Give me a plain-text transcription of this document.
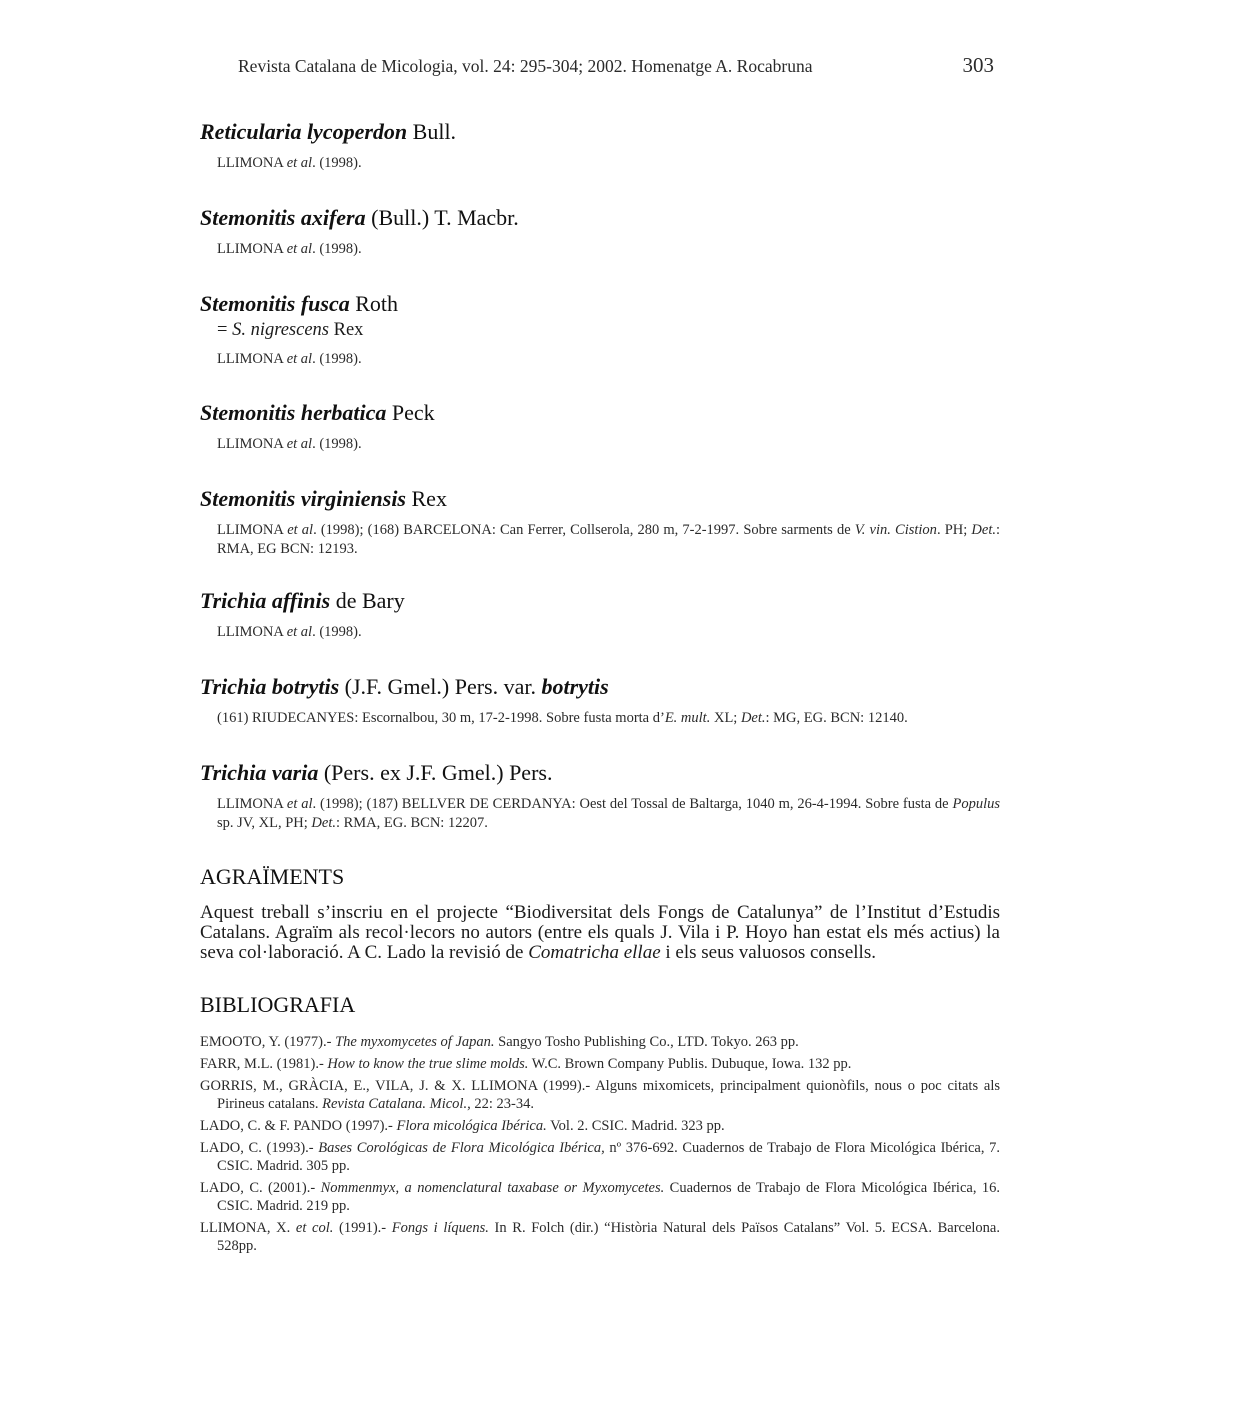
Revista Catalana de Micologia, vol. 24: 295-304; 2002. Homenatge A. Rocabruna	303
Reticularia lycoperdon Bull.

LLIMONA et al. (1998).

Stemonitis axifera (Bull.) T. Macbr.

LLIMONA et al. (1998).

Stemonitis fusca Roth

= S. nigrescens Rex

LLIMONA et al. (1998).

Stemonitis herbatica Peck

LLIMONA et al. (1998).

Stemonitis virginiensis Rex

LLIMONA et al. (1998); (168) BARCELONA: Can Ferrer, Collserola, 280 m, 7-2-1997. Sobre sarments de V. vin. Cistion. PH; Det.: RMA, EG BCN: 12193.

Trichia affinis de Bary

LLIMONA et al. (1998).

Trichia botrytis (J.F. Gmel.) Pers. var. botrytis

(161) RIUDECANYES: Escornalbou, 30 m, 17-2-1998. Sobre fusta morta d’E. mult. XL; Det.: MG, EG. BCN: 12140.

Trichia varia (Pers. ex J.F. Gmel.) Pers.

LLIMONA et al. (1998); (187) BELLVER DE CERDANYA: Oest del Tossal de Baltarga, 1040 m, 26-4-1994. Sobre fusta de Populus sp. JV, XL, PH; Det.: RMA, EG. BCN: 12207.

AGRAÏMENTS

Aquest treball s’inscriu en el projecte “Biodiversitat dels Fongs de Catalunya” de l’Institut d’Estudis Catalans. Agraïm als recol·lecors no autors (entre els quals J. Vila i P. Hoyo han estat els més actius) la seva col·laboració. A C. Lado la revisió de Comatricha ellae i els seus valuosos consells.

BIBLIOGRAFIA
EMOOTO, Y. (1977).- The myxomycetes of Japan. Sangyo Tosho Publishing Co., LTD. Tokyo. 263 pp.
FARR, M.L. (1981).- How to know the true slime molds. W.C. Brown Company Publis. Dubuque, Iowa. 132 pp.
GORRIS, M., GRÀCIA, E., VILA, J. & X. LLIMONA (1999).- Alguns mixomicets, principalment quionòfils, nous o poc citats als Pirineus catalans. Revista Catalana. Micol., 22: 23-34.
LADO, C. & F. PANDO (1997).- Flora micológica Ibérica. Vol. 2. CSIC. Madrid. 323 pp.
LADO, C. (1993).- Bases Corológicas de Flora Micológica Ibérica, nº 376-692. Cuadernos de Trabajo de Flora Micológica Ibérica, 7. CSIC. Madrid. 305 pp.
LADO, C. (2001).- Nommenmyx, a nomenclatural taxabase or Myxomycetes. Cuadernos de Trabajo de Flora Micológica Ibérica, 16. CSIC. Madrid. 219 pp.
LLIMONA, X. et col. (1991).- Fongs i líquens. In R. Folch (dir.) “Història Natural dels Països Catalans” Vol. 5. ECSA. Barcelona. 528pp.
